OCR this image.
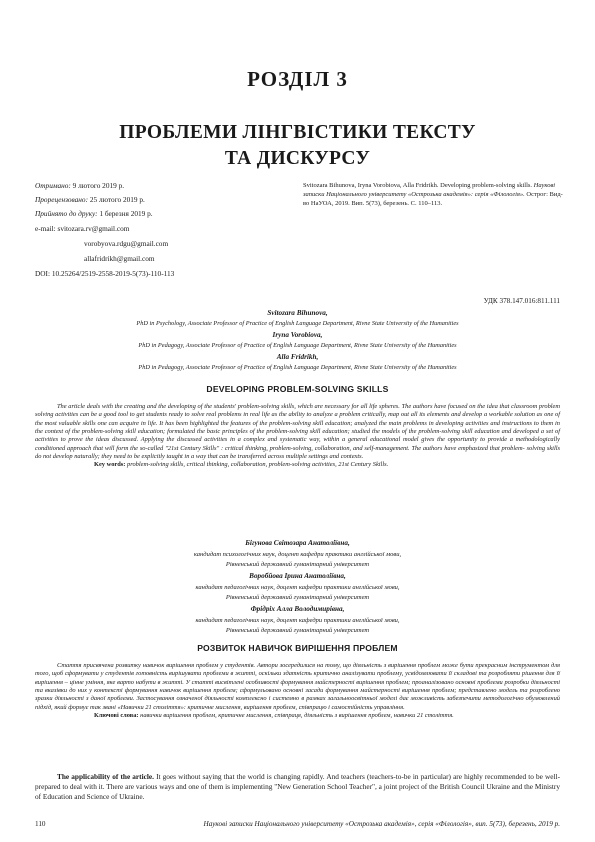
РОЗДІЛ 3
ПРОБЛЕМИ ЛІНГВІСТИКИ ТЕКСТУ
ТА ДИСКУРСУ
Отримано: 9 лютого 2019 р.
Прорецензовано: 25 лютого 2019 р.
Прийнято до друку: 1 березня 2019 р.
e-mail: svitozara.rv@gmail.com
vorobyova.rdgu@gmail.com
allafridrikh@gmail.com
DOI: 10.25264/2519-2558-2019-5(73)-110-113
Svitozara Bihunova, Iryna Vorobiova, Alla Fridrikh. Developing problem-solving skills. Наукові записки Національного університету «Острозька академія»: серія «Філологія». Острог: Вид-во НаУОА, 2019. Вип. 5(73), березень. С. 110–113.
УДК 378.147.016:811.111
Svitozara Bihunova,
PhD in Psychology, Associate Professor of Practice of English Language Department, Rivne State University of the Humanities
Iryna Vorobiova,
PhD in Pedagogy, Associate Professor of Practice of English Language Department, Rivne State University of the Humanities
Alla Fridrikh,
PhD in Pedagogy, Associate Professor of Practice of English Language Department, Rivne State University of the Humanities
DEVELOPING PROBLEM-SOLVING SKILLS

The article deals with the creating and the developing of the students' problem-solving skills, which are necessary for all life spheres. The authors have focused on the idea that classroom problem solving activities can be a good tool to get students ready to solve real problems in real life as the ability to analyze a problem critically, map out all its elements and develop a workable solution as one of the most valuable skills one can acquire in life. It has been highlighted the features of the problem-solving skill education; analyzed the main problems in developing activities and instructions to them in the context of the problem-solving skill education; formulated the basic principles of the problem-solving skill education; studied the models of the problem-solving skill education and developed a set of activities to prove the ideas discussed. Applying the discussed activities in a complex and systematic way, within a general educational model gives the opportunity to provide a methodologically conditioned approach that will form the so-called "21st Century Skills" : critical thinking, problem-solving, collaboration, and self-management. The authors have emphasized that problem- solving skills do not develop naturally; they need to be explicitly taught in a way that can be transferred across multiple settings and contexts.

Key words: problem-solving skills, critical thinking, collaboration, problem-solving activities, 21st Century Skills.

Бігунова Світозара Анатоліївна,
кандидат психологічних наук, доцент кафедри практики англійської мови,
Рівненський державний гуманітарний університет
Воробйова Ірина Анатоліївна,
кандидат педагогічних наук, доцент кафедри практики англійської мови,
Рівненський державний гуманітарний університет
Фрідріх Алла Володимирівна,
кандидат педагогічних наук, доцент кафедри практики англійської мови,
Рівненський державний гуманітарний університет
РОЗВИТОК НАВИЧОК ВИРІШЕННЯ ПРОБЛЕМ

Стаття присвячена розвитку навичок вирішення проблем у студентів. Автори зосередилися на тому, що діяльність з вирішення проблем може бути прекрасним інструментом для того, щоб сформувати у студентів готовність вирішувати проблеми в житті, оскільки здатність критично аналізувати проблему, усвідомлювати її складові та розробляти рішення для її вирішення – цінне уміння, яке варто набути в житті. У статті висвітлені особливості формування майстерності вирішення проблем; проаналізовано основні проблеми розробки діяльності та вказівки до них у контексті формування навичок вирішення проблем; сформульовано основні засади формування майстерності вирішення проблем; представлено модель та розроблено зразки діяльності з даної проблеми. Застосування означеної діяльності комплексно і системно в рамках загальноосвітньої моделі дає можливість забезпечити методологічно обумовлений підхід, який формує так звані «Навички 21 століття»: критичне мислення, вирішення проблем, співпрацю і самостійність управління.

Ключові слова: навички вирішення проблем, критичне мислення, співпраця, діяльність з вирішення проблем, навички 21 століття.

The applicability of the article. It goes without saying that the world is changing rapidly. And teachers (teachers-to-be in particular) are highly recommended to be well-prepared to deal with it. There are various ways and one of them is implementing "New Generation School Teacher", a joint project of the British Council Ukraine and the Ministry of Education and Science of Ukraine.

110	Наукові записки Національного університету «Острозька академія», серія «Філологія», вип. 5(73), березень, 2019 р.
